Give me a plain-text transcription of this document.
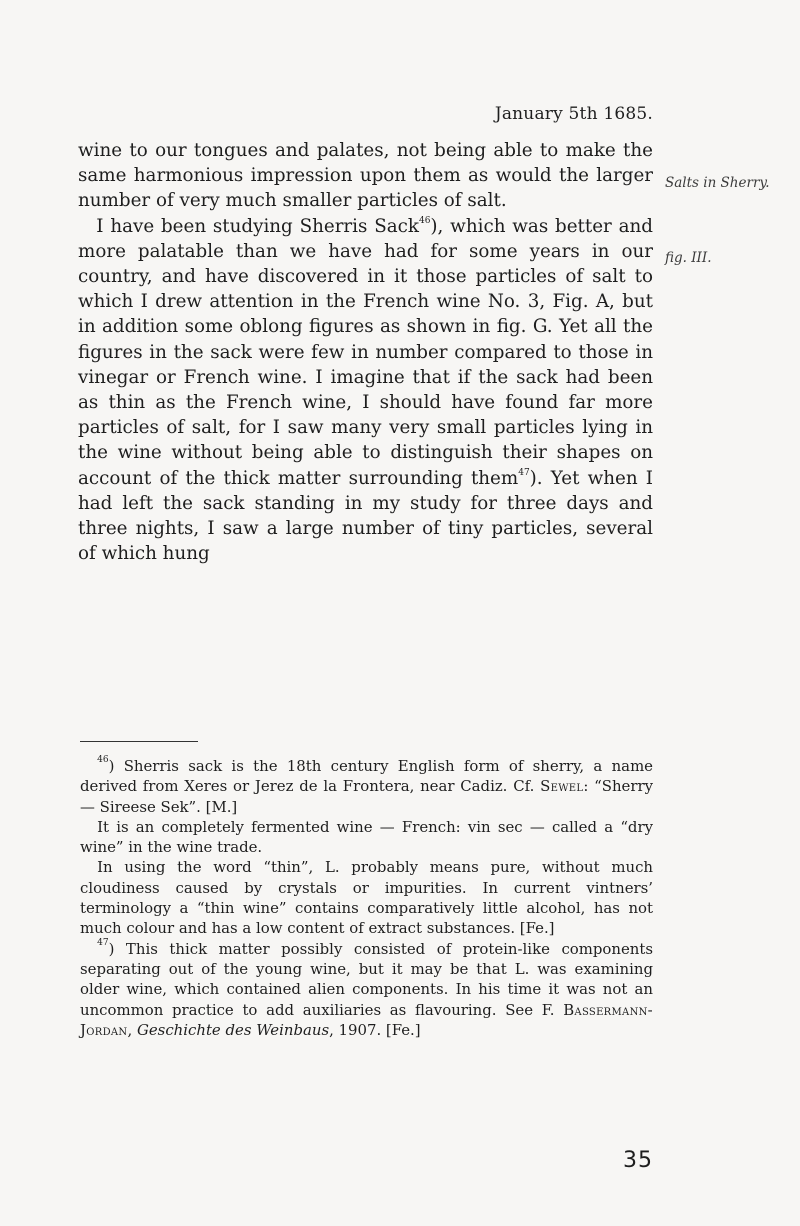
January 5th 1685.

wine to our tongues and palates, not being able to make the same harmonious impression upon them as would the larger number of very much smaller particles of salt.

I have been studying Sherris Sack$^{46}$), which was better and more palatable than we have had for some years in our country, and have discovered in it those particles of salt to which I drew attention in the French wine No. 3, Fig. A, but in addition some oblong figures as shown in fig. G. Yet all the figures in the sack were few in number compared to those in vinegar or French wine. I imagine that if the sack had been as thin as the French wine, I should have found far more particles of salt, for I saw many very small particles lying in the wine without being able to distinguish their shapes on account of the thick matter surrounding them$^{47}$). Yet when I had left the sack standing in my study for three days and three nights, I saw a large number of tiny particles, several of which hung

Salts in Sherry.
fig. III.

$^{46}$) Sherris sack is the 18th century English form of sherry, a name derived from Xeres or Jerez de la Frontera, near Cadiz. Cf. Sewel: “Sherry — Sireese Sek”. [M.]

It is an completely fermented wine — French: vin sec — called a “dry wine” in the wine trade.

In using the word “thin”, L. probably means pure, without much cloudiness caused by crystals or impurities. In current vintners’ terminology a “thin wine” contains comparatively little alcohol, has not much colour and has a low content of extract substances. [Fe.]

$^{47}$) This thick matter possibly consisted of protein-like components separating out of the young wine, but it may be that L. was examining older wine, which contained alien components. In his time it was not an uncommon practice to add auxiliaries as flavouring. See F. Bassermann-Jordan, Geschichte des Weinbaus, 1907. [Fe.]

35
